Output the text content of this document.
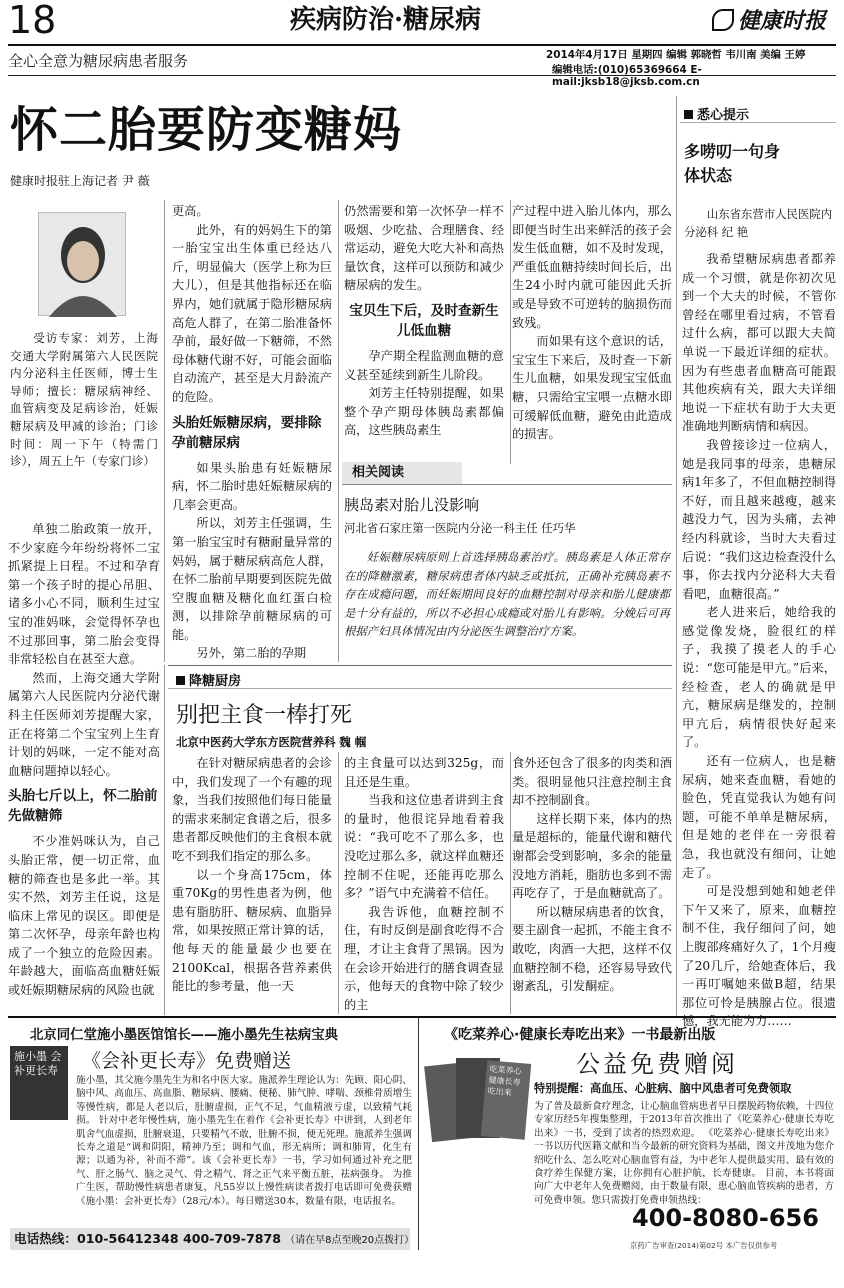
18	疾病防治·糖尿病	健康时报
全心全意为糖尿病患者服务	2014年4月17日 星期四 编辑 郭晓哲 韦川南 美编 王婷
编辑电话:(010)65369664 E-mail:jksb18@jksb.com.cn
怀二胎要防变糖妈
健康时报驻上海记者 尹 薇
受访专家：刘芳，上海交通大学附属第六人民医院内分泌科主任医师，博士生导师；擅长：糖尿病神经、血管病变及足病诊治，妊娠糖尿病及甲减的诊治；门诊时间：周一下午（特需门诊），周五上午（专家门诊）

单独二胎政策一放开，不少家庭今年纷纷将怀二宝抓紧提上日程。不过和孕育第一个孩子时的提心吊胆、诸多小心不同，顺利生过宝宝的准妈咪，会觉得怀孕也不过那回事，第二胎会变得非常轻松自在甚至大意。

然而，上海交通大学附属第六人民医院内分泌代谢科主任医师刘芳提醒大家，正在将第二个宝宝列上生育计划的妈咪，一定不能对高血糖问题掉以轻心。

头胎七斤以上，怀二胎前先做糖筛

不少准妈咪认为，自己头胎正常，便一切正常，血糖的筛查也是多此一举。其实不然，刘芳主任说，这是临床上常见的误区。即便是第二次怀孕，母亲年龄也构成了一个独立的危险因素。年龄越大，面临高血糖妊娠或妊娠期糖尿病的风险也就

更高。

此外，有的妈妈生下的第一胎宝宝出生体重已经达八斤，明显偏大（医学上称为巨大儿），但是其他指标还在临界内，她们就属于隐形糖尿病高危人群了，在第二胎准备怀孕前，最好做一下糖筛，不然母体糖代谢不好，可能会面临自动流产，甚至是大月龄流产的危险。

头胎妊娠糖尿病，要排除孕前糖尿病

如果头胎患有妊娠糖尿病，怀二胎时患妊娠糖尿病的几率会更高。

所以，刘芳主任强调，生第一胎宝宝时有糖耐量异常的妈妈，属于糖尿病高危人群，在怀二胎前早期要到医院先做空腹血糖及糖化血红蛋白检测，以排除孕前糖尿病的可能。

另外，第二胎的孕期

仍然需要和第一次怀孕一样不吸烟、少吃盐、合理膳食、经常运动，避免大吃大补和高热量饮食，这样可以预防和减少糖尿病的发生。

宝贝生下后，及时查新生儿低血糖

孕产期全程监测血糖的意义甚至延续到新生儿阶段。

刘芳主任特别提醒，如果整个孕产期母体胰岛素都偏高，这些胰岛素生

产过程中进入胎儿体内，那么即便当时生出来鲜活的孩子会发生低血糖，如不及时发现，严重低血糖持续时间长后，出生24小时内就可能因此夭折或是导致不可逆转的脑损伤而致残。

而如果有这个意识的话，宝宝生下来后，及时查一下新生儿血糖，如果发现宝宝低血糖，只需给宝宝喂一点糖水即可缓解低血糖，避免由此造成的损害。

相关阅读
胰岛素对胎儿没影响
河北省石家庄第一医院内分泌一科主任 任巧华
妊娠糖尿病原则上首选择胰岛素治疗。胰岛素是人体正常存在的降糖激素，糖尿病患者体内缺乏或抵抗，正确补充胰岛素不存在成瘾问题，而妊娠期间良好的血糖控制对母亲和胎儿健康都是十分有益的，所以不必担心成瘾或对胎儿有影响。分娩后可再根据产妇具体情况由内分泌医生调整治疗方案。
降糖厨房
别把主食一棒打死
北京中医药大学东方医院营养科 魏 帼

在针对糖尿病患者的会诊中，我们发现了一个有趣的现象，当我们按照他们每日能量的需求来制定食谱之后，很多患者都反映他们的主食根本就吃不到我们指定的那么多。

以一个身高175cm，体重70Kg的男性患者为例，他患有脂肪肝、糖尿病、血脂异常，如果按照正常计算的话，他每天的能量最少也要在2100Kcal，根据各营养素供能比的参考量，他一天

的主食量可以达到325g，而且还是生重。

当我和这位患者讲到主食的量时，他很诧异地看着我说：“我可吃不了那么多，也没吃过那么多，就这样血糖还控制不住呢，还能再吃那么多？”语气中充满着不信任。

我告诉他，血糖控制不住，有时反倒是副食吃得不合理，才让主食背了黑锅。因为在会诊开始进行的膳食调查显示，他每天的食物中除了较少的主

食外还包含了很多的肉类和酒类。很明显他只注意控制主食却不控制副食。

这样长期下来，体内的热量是超标的，能量代谢和糖代谢都会受到影响，多余的能量没地方消耗，脂肪也多到不需再吃存了，于是血糖就高了。

所以糖尿病患者的饮食，要主副食一起抓，不能主食不敢吃，肉酒一大把，这样不仅血糖控制不稳，还容易导致代谢紊乱，引发酮症。

悉心提示
多唠叨一句身体状态
山东省东营市人民医院内分泌科 纪 艳

我希望糖尿病患者都养成一个习惯，就是你初次见到一个大夫的时候，不管你曾经在哪里看过病，不管看过什么病，都可以跟大夫简单说一下最近详细的症状。因为有些患者血糖高可能跟其他疾病有关，跟大夫详细地说一下症状有助于大夫更准确地判断病情和病因。

我曾接诊过一位病人，她是我同事的母亲，患糖尿病1年多了，不但血糖控制得不好，而且越来越瘦，越来越没力气，因为头痛，去神经内科就诊，当时大夫看过后说：“我们这边检查没什么事，你去找内分泌科大夫看看吧，血糖很高。”

老人进来后，她给我的感觉像发烧，脸很红的样子，我摸了摸老人的手心说：“您可能是甲亢。”后来，经检查，老人的确就是甲亢，糖尿病是继发的，控制甲亢后，病情很快好起来了。

还有一位病人，也是糖尿病，她来查血糖，看她的脸色，凭直觉我认为她有问题，可能不单单是糖尿病，但是她的老伴在一旁很着急，我也就没有细问，让她走了。

可是没想到她和她老伴下午又来了，原来，血糖控制不住，我仔细问了问，她上腹部疼痛好久了，1个月瘦了20几斤，给她查体后，我一再叮嘱她来做B超，结果那位可怜是胰腺占位。很遗憾，我无能为力……

北京同仁堂施小墨医馆馆长——施小墨先生祛病宝典
施小墨 会补更长寿	《会补更长寿》免费赠送
施小墨，其父施今墨先生为和名中医大家。施派养生理论认为：先顾、阳心阴、脑中风、高血压、高血脂、糖尿病、腰痛、便秘、肺气肿、哮喘、颈椎骨质增生等慢性病，都是人老以后，肚腑虚损，正气不足，气血精液亏虚，以致精气耗损。 针对中老年慢性病，施小墨先生在着作《会补更长寿》中讲到，人到老年肌舍气血虚损，肚腑衰退，只要精气不敢，肚腑不损，便无死理。施派养生强调长寿之道是“调和阴阳，精神乃至；调和气血，形无病所；调和肺胃，化生有源；以通为补，补而不滞”。该《会补更长寿》一书，学习如何通过补充之肥气、肝之肠气、脑之灵气、骨之精气、肾之正气来平衡五脏，祛病强身。 为推广生医，帮助慢性病患者康复，凡55岁以上慢性病读者拨打电话即可免费获赠《施小墨：会补更长寿》（28元/本）。每日赠送30本，数量有限，电话报名。
电话热线：010-56412348 400-709-7878 （请在早8点至晚20点拨打）
《吃菜养心·健康长寿吃出来》一书最新出版
吃菜养心 健康长寿吃出来
公益免费赠阅
特别提醒：高血压、心脏病、脑中风患者可免费领取
为了普及最新食疗理念，让心脑血管病患者早日摆脱药物依赖，十四位专家历经5年搜集整理，于2013年首次推出了《吃菜养心·健康长寿吃出来》一书，受到了读者的热烈欢迎。 《吃菜养心·健康长寿吃出来》一书以历代医籍文献和当今最新的研究资料为基础，图文并茂地为您介绍吃什么、怎么吃对心脑血管有益，为中老年人提供最实用、最有效的食疗养生保健方案，让你拥有心脏护航，长寿健康。 目前，本书将面向广大中老年人免费赠阅，由于数量有限，患心脑血管疾病的患者，方可免费申领。您只需拨打免费申领热线：
400-8080-656
京药广告审查(2014)第02号 本广告仅供参考
